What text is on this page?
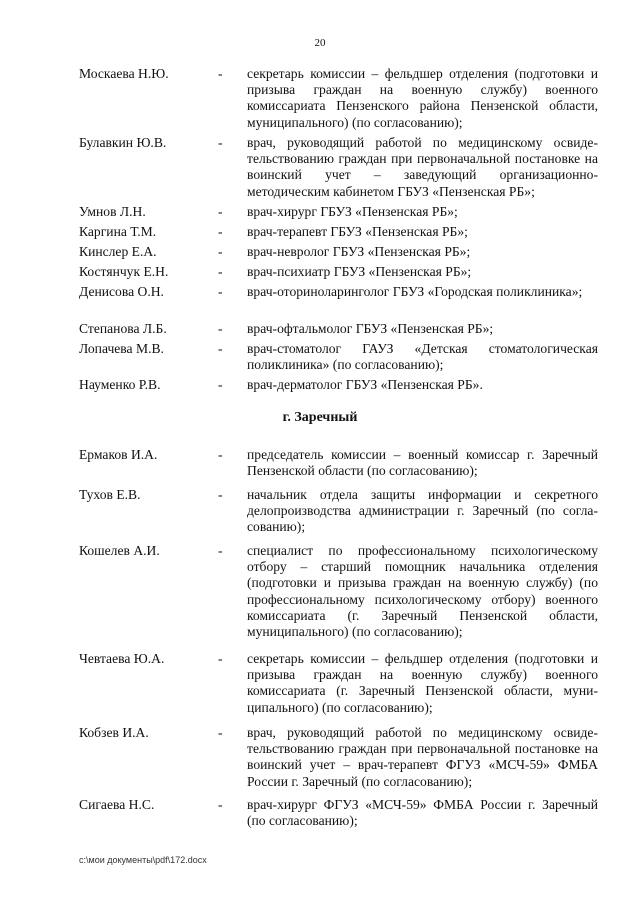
20
Москаева Н.Ю.	- секретарь комиссии – фельдшер отделения (подготовки и призыва граждан на военную службу) военного комиссариата Пензенского района Пензенской области, муниципального) (по согласованию);
Булавкин Ю.В.	- врач, руководящий работой по медицинскому освидетельствованию граждан при первоначальной постановке на воинский учет – заведующий организационно-методическим кабинетом ГБУЗ «Пензенская РБ»;
Умнов Л.Н.	- врач-хирург ГБУЗ «Пензенская РБ»;
Каргина Т.М.	- врач-терапевт ГБУЗ «Пензенская РБ»;
Кинслер Е.А.	- врач-невролог ГБУЗ «Пензенская РБ»;
Костянчук Е.Н.	- врач-психиатр ГБУЗ «Пензенская РБ»;
Денисова О.Н.	- врач-оториноларинголог ГБУЗ «Городская поликлиника»;
Степанова Л.Б.	- врач-офтальмолог ГБУЗ «Пензенская РБ»;
Лопачева М.В.	- врач-стоматолог ГАУЗ «Детская стоматологическая поликлиника» (по согласованию);
Науменко Р.В.	- врач-дерматолог ГБУЗ «Пензенская РБ».
г. Заречный
Ермаков И.А.	- председатель комиссии – военный комиссар г. Заречный Пензенской области (по согласованию);
Тухов Е.В.	- начальник отдела защиты информации и секретного делопроизводства администрации г. Заречный (по согласованию);
Кошелев А.И.	- специалист по профессиональному психологическому отбору – старший помощник начальника отделения (подготовки и призыва граждан на военную службу) (по профессиональному психологическому отбору) военного комиссариата (г. Заречный Пензенской области, муниципального) (по согласованию);
Чевтаева Ю.А.	- секретарь комиссии – фельдшер отделения (подготовки и призыва граждан на военную службу) военного комиссариата (г. Заречный Пензенской области, муниципального) (по согласованию);
Кобзев И.А.	- врач, руководящий работой по медицинскому освидетельствованию граждан при первоначальной постановке на воинский учет – врач-терапевт ФГУЗ «МСЧ-59» ФМБА России г. Заречный (по согласованию);
Сигаева Н.С.	- врач-хирург ФГУЗ «МСЧ-59» ФМБА России г. Заречный (по согласованию);
c:\мои документы\pdf\172.docx
